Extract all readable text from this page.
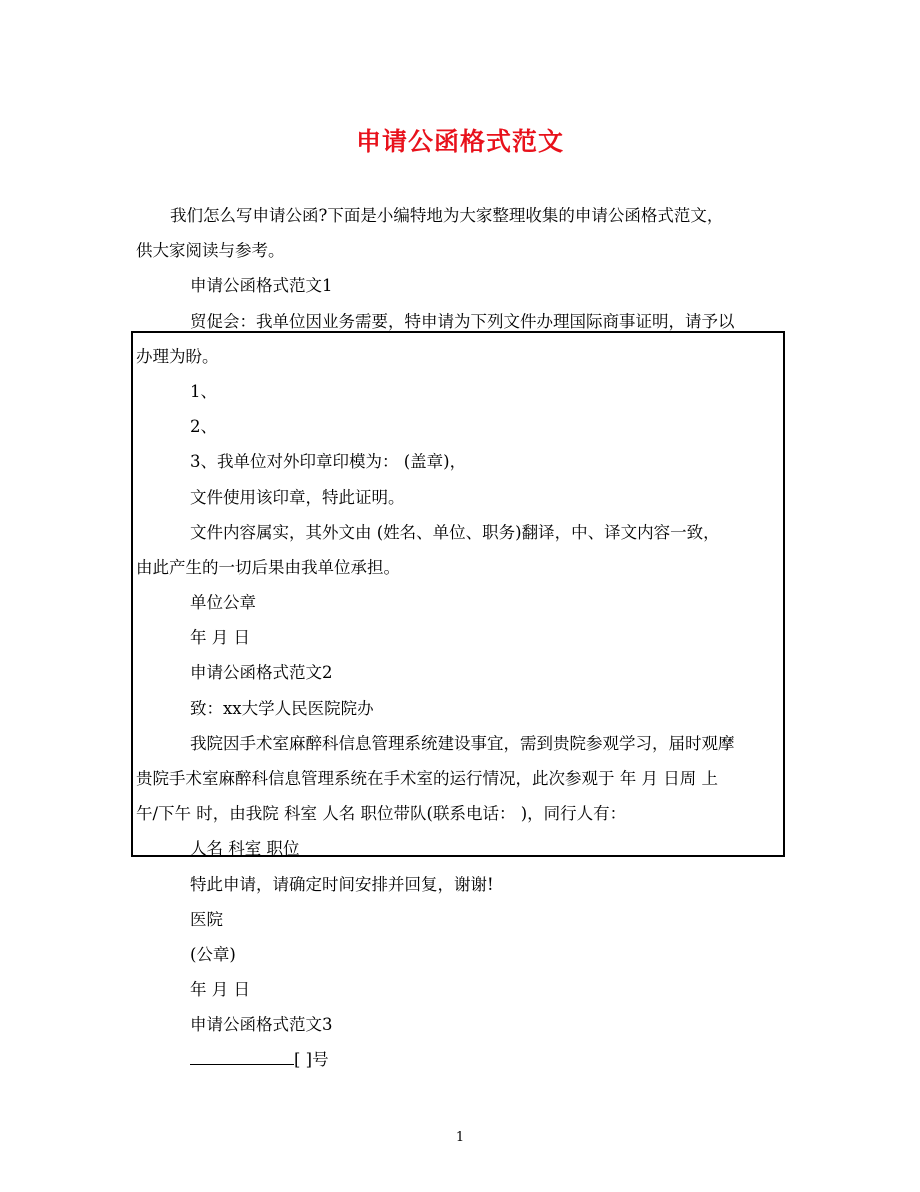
申请公函格式范文
我们怎么写申请公函?下面是小编特地为大家整理收集的申请公函格式范文，
供大家阅读与参考。
申请公函格式范文1
贸促会：我单位因业务需要，特申请为下列文件办理国际商事证明，请予以
办理为盼。
1、
2、
3、我单位对外印章印模为： (盖章)，
文件使用该印章，特此证明。
文件内容属实，其外文由 (姓名、单位、职务)翻译，中、译文内容一致，
由此产生的一切后果由我单位承担。
单位公章
年 月 日
申请公函格式范文2
致：xx大学人民医院院办
我院因手术室麻醉科信息管理系统建设事宜，需到贵院参观学习，届时观摩
贵院手术室麻醉科信息管理系统在手术室的运行情况，此次参观于 年 月 日周 上
午/下午 时，由我院 科室 人名 职位带队(联系电话： )，同行人有：
人名 科室 职位
特此申请，请确定时间安排并回复，谢谢!
医院
(公章)
年 月 日
申请公函格式范文3
[ ]号
1
